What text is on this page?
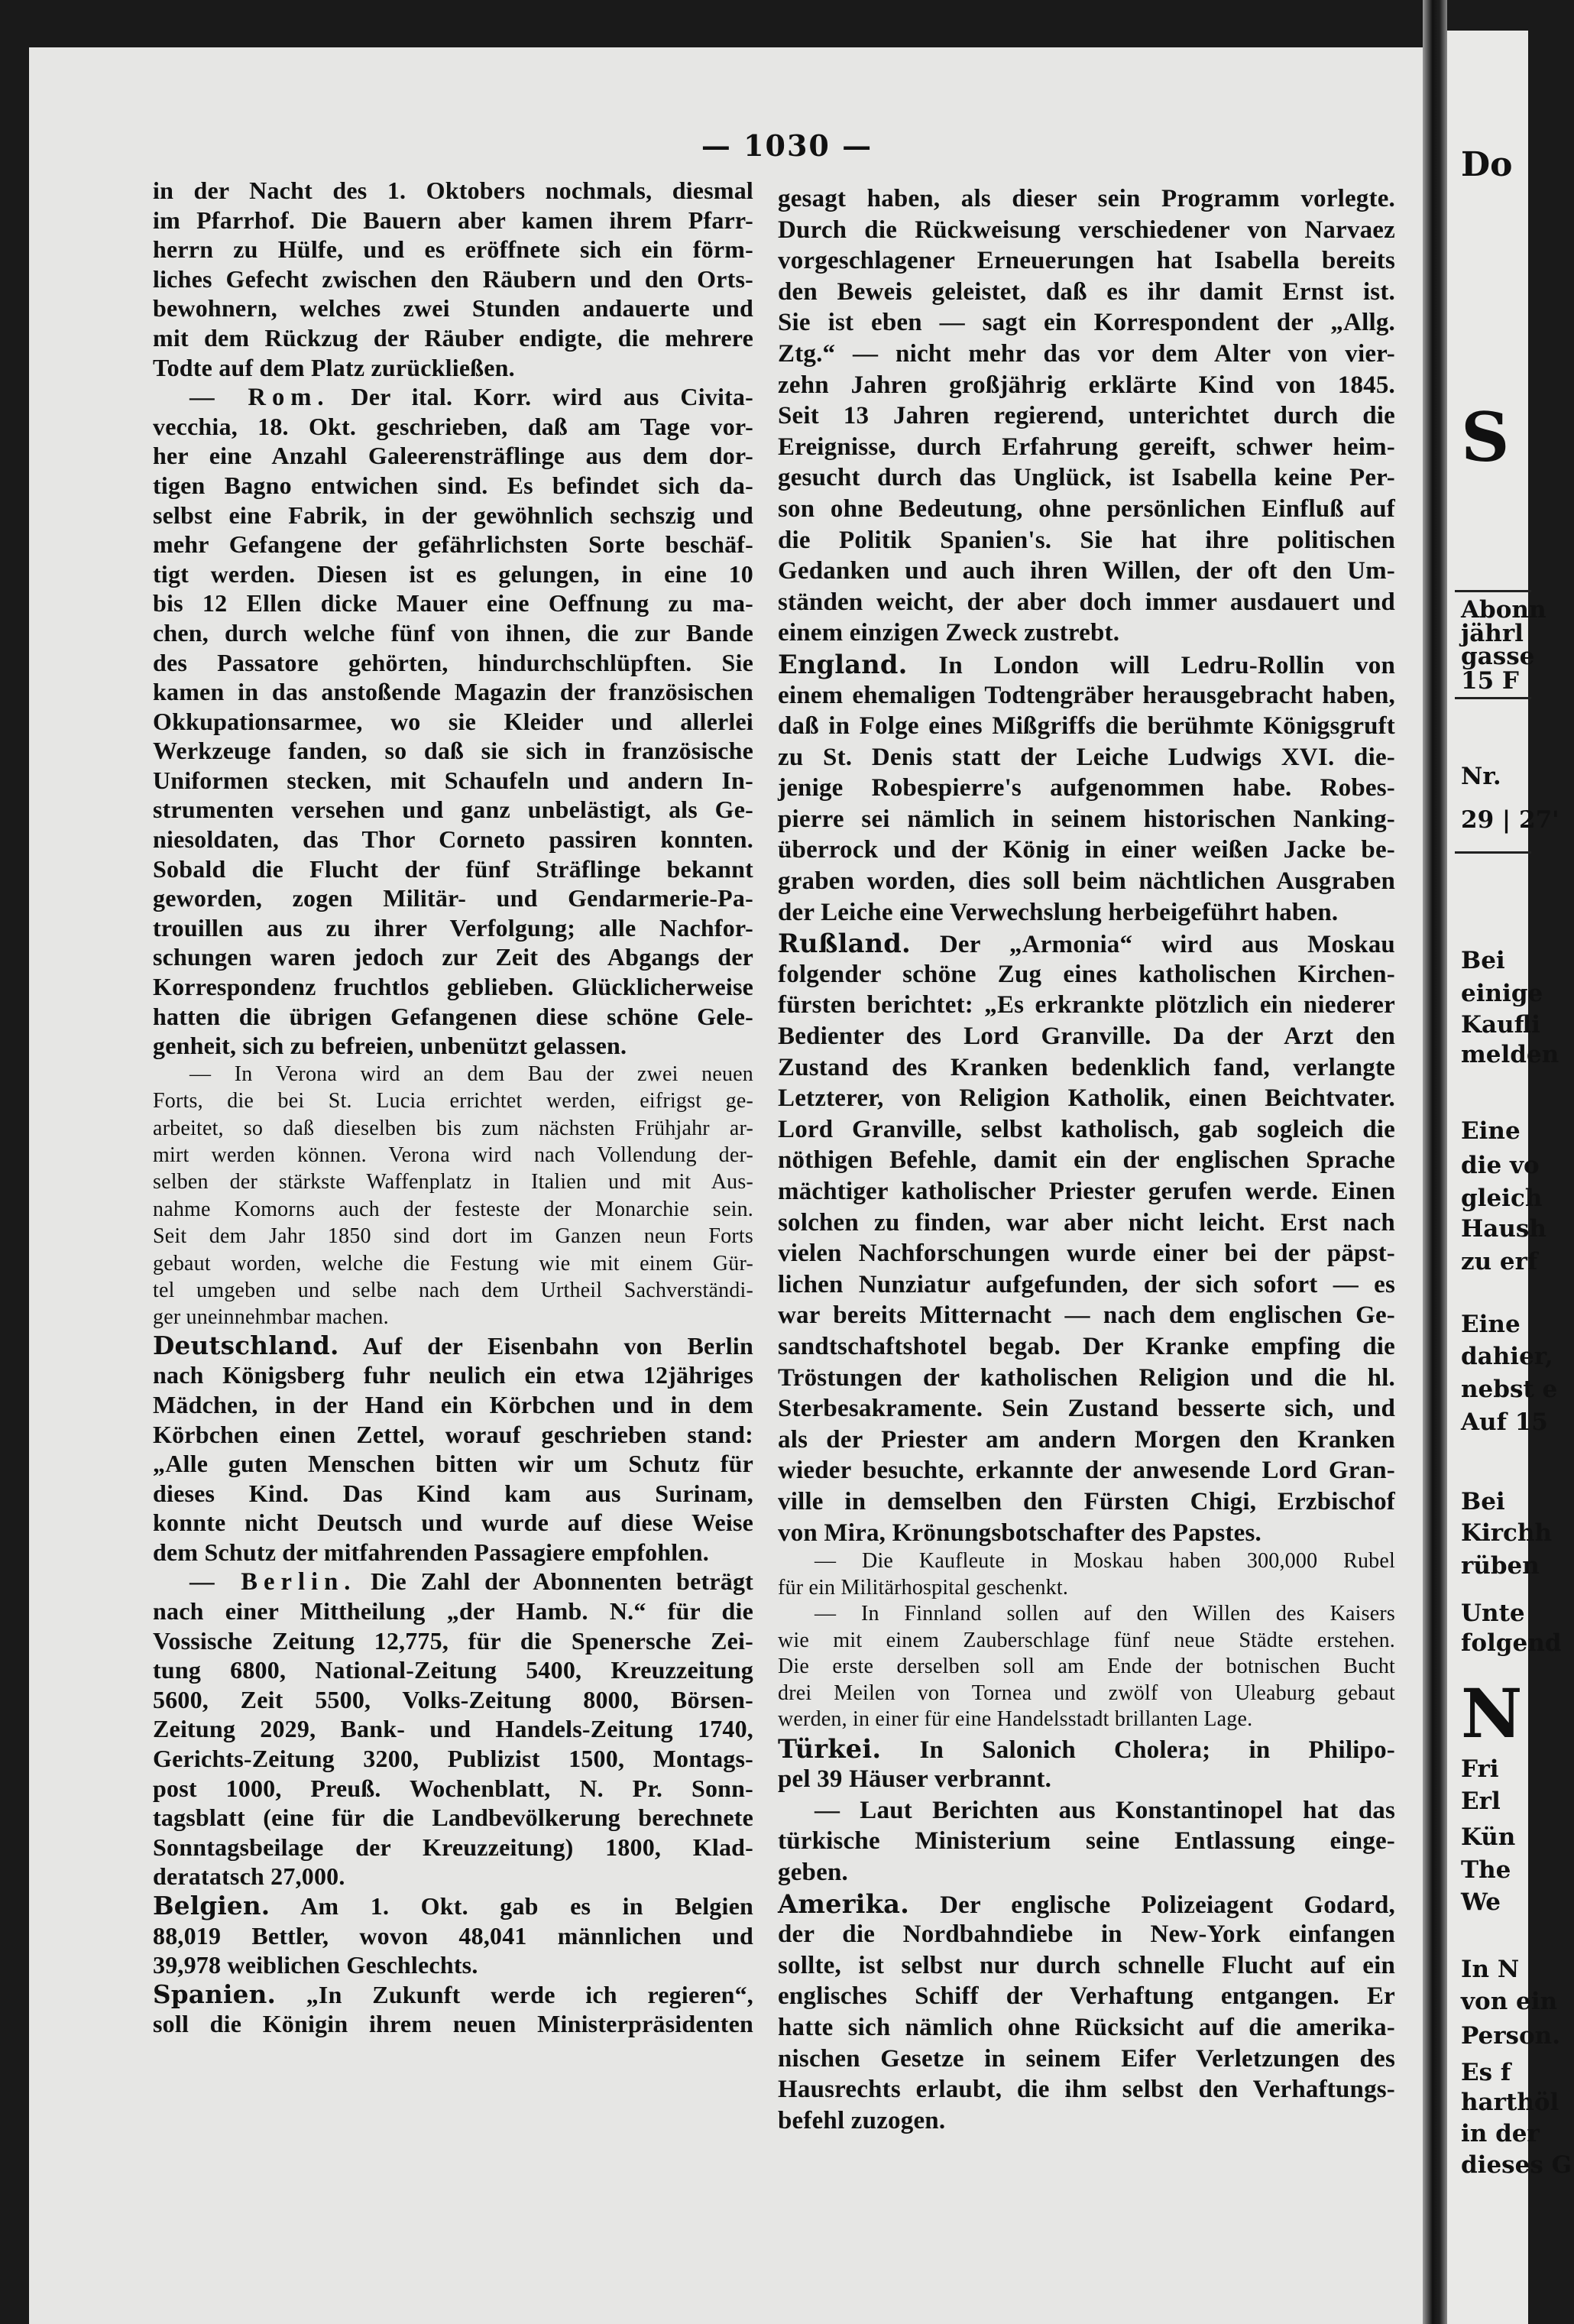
— 1030 —
in der Nacht des 1. Oktobers nochmals, diesmal
im Pfarrhof. Die Bauern aber kamen ihrem Pfarr-
herrn zu Hülfe, und es eröffnete sich ein förm-
liches Gefecht zwischen den Räubern und den Orts-
bewohnern, welches zwei Stunden andauerte und
mit dem Rückzug der Räuber endigte, die mehrere
Todte auf dem Platz zurückließen.
— Rom. Der ital. Korr. wird aus Civita-
vecchia, 18. Okt. geschrieben, daß am Tage vor-
her eine Anzahl Galeerensträflinge aus dem dor-
tigen Bagno entwichen sind. Es befindet sich da-
selbst eine Fabrik, in der gewöhnlich sechszig und
mehr Gefangene der gefährlichsten Sorte beschäf-
tigt werden. Diesen ist es gelungen, in eine 10
bis 12 Ellen dicke Mauer eine Oeffnung zu ma-
chen, durch welche fünf von ihnen, die zur Bande
des Passatore gehörten, hindurchschlüpften. Sie
kamen in das anstoßende Magazin der französischen
Okkupationsarmee, wo sie Kleider und allerlei
Werkzeuge fanden, so daß sie sich in französische
Uniformen stecken, mit Schaufeln und andern In-
strumenten versehen und ganz unbelästigt, als Ge-
niesoldaten, das Thor Corneto passiren konnten.
Sobald die Flucht der fünf Sträflinge bekannt
geworden, zogen Militär- und Gendarmerie-Pa-
trouillen aus zu ihrer Verfolgung; alle Nachfor-
schungen waren jedoch zur Zeit des Abgangs der
Korrespondenz fruchtlos geblieben. Glücklicherweise
hatten die übrigen Gefangenen diese schöne Gele-
genheit, sich zu befreien, unbenützt gelassen.
— In Verona wird an dem Bau der zwei neuen
Forts, die bei St. Lucia errichtet werden, eifrigst ge-
arbeitet, so daß dieselben bis zum nächsten Frühjahr ar-
mirt werden können. Verona wird nach Vollendung der-
selben der stärkste Waffenplatz in Italien und mit Aus-
nahme Komorns auch der festeste der Monarchie sein.
Seit dem Jahr 1850 sind dort im Ganzen neun Forts
gebaut worden, welche die Festung wie mit einem Gür-
tel umgeben und selbe nach dem Urtheil Sachverständi-
ger uneinnehmbar machen.
Deutschland. Auf der Eisenbahn von Berlin
nach Königsberg fuhr neulich ein etwa 12jähriges
Mädchen, in der Hand ein Körbchen und in dem
Körbchen einen Zettel, worauf geschrieben stand:
„Alle guten Menschen bitten wir um Schutz für
dieses Kind. Das Kind kam aus Surinam,
konnte nicht Deutsch und wurde auf diese Weise
dem Schutz der mitfahrenden Passagiere empfohlen.
— Berlin. Die Zahl der Abonnenten beträgt
nach einer Mittheilung „der Hamb. N.“ für die
Vossische Zeitung 12,775, für die Spenersche Zei-
tung 6800, National-Zeitung 5400, Kreuzzeitung
5600, Zeit 5500, Volks-Zeitung 8000, Börsen-
Zeitung 2029, Bank- und Handels-Zeitung 1740,
Gerichts-Zeitung 3200, Publizist 1500, Montags-
post 1000, Preuß. Wochenblatt, N. Pr. Sonn-
tagsblatt (eine für die Landbevölkerung berechnete
Sonntagsbeilage der Kreuzzeitung) 1800, Klad-
deratatsch 27,000.
Belgien. Am 1. Okt. gab es in Belgien
88,019 Bettler, wovon 48,041 männlichen und
39,978 weiblichen Geschlechts.
Spanien. „In Zukunft werde ich regieren“,
soll die Königin ihrem neuen Ministerpräsidenten
gesagt haben, als dieser sein Programm vorlegte.
Durch die Rückweisung verschiedener von Narvaez
vorgeschlagener Erneuerungen hat Isabella bereits
den Beweis geleistet, daß es ihr damit Ernst ist.
Sie ist eben — sagt ein Korrespondent der „Allg.
Ztg.“ — nicht mehr das vor dem Alter von vier-
zehn Jahren großjährig erklärte Kind von 1845.
Seit 13 Jahren regierend, unterichtet durch die
Ereignisse, durch Erfahrung gereift, schwer heim-
gesucht durch das Unglück, ist Isabella keine Per-
son ohne Bedeutung, ohne persönlichen Einfluß auf
die Politik Spanien's. Sie hat ihre politischen
Gedanken und auch ihren Willen, der oft den Um-
ständen weicht, der aber doch immer ausdauert und
einem einzigen Zweck zustrebt.
England. In London will Ledru-Rollin von
einem ehemaligen Todtengräber herausgebracht haben,
daß in Folge eines Mißgriffs die berühmte Königsgruft
zu St. Denis statt der Leiche Ludwigs XVI. die-
jenige Robespierre's aufgenommen habe. Robes-
pierre sei nämlich in seinem historischen Nanking-
überrock und der König in einer weißen Jacke be-
graben worden, dies soll beim nächtlichen Ausgraben
der Leiche eine Verwechslung herbeigeführt haben.
Rußland. Der „Armonia“ wird aus Moskau
folgender schöne Zug eines katholischen Kirchen-
fürsten berichtet: „Es erkrankte plötzlich ein niederer
Bedienter des Lord Granville. Da der Arzt den
Zustand des Kranken bedenklich fand, verlangte
Letzterer, von Religion Katholik, einen Beichtvater.
Lord Granville, selbst katholisch, gab sogleich die
nöthigen Befehle, damit ein der englischen Sprache
mächtiger katholischer Priester gerufen werde. Einen
solchen zu finden, war aber nicht leicht. Erst nach
vielen Nachforschungen wurde einer bei der päpst-
lichen Nunziatur aufgefunden, der sich sofort — es
war bereits Mitternacht — nach dem englischen Ge-
sandtschaftshotel begab. Der Kranke empfing die
Tröstungen der katholischen Religion und die hl.
Sterbesakramente. Sein Zustand besserte sich, und
als der Priester am andern Morgen den Kranken
wieder besuchte, erkannte der anwesende Lord Gran-
ville in demselben den Fürsten Chigi, Erzbischof
von Mira, Krönungsbotschafter des Papstes.
— Die Kaufleute in Moskau haben 300,000 Rubel
für ein Militärhospital geschenkt.
— In Finnland sollen auf den Willen des Kaisers
wie mit einem Zauberschlage fünf neue Städte erstehen.
Die erste derselben soll am Ende der botnischen Bucht
drei Meilen von Tornea und zwölf von Uleaburg gebaut
werden, in einer für eine Handelsstadt brillanten Lage.
Türkei. In Salonich Cholera; in Philipo-
pel 39 Häuser verbrannt.
— Laut Berichten aus Konstantinopel hat das
türkische Ministerium seine Entlassung einge-
geben.
Amerika. Der englische Polizeiagent Godard,
der die Nordbahndiebe in New-York einfangen
sollte, ist selbst nur durch schnelle Flucht auf ein
englisches Schiff der Verhaftung entgangen. Er
hatte sich nämlich ohne Rücksicht auf die amerika-
nischen Gesetze in seinem Eifer Verletzungen des
Hausrechts erlaubt, die ihm selbst den Verhaftungs-
befehl zuzogen.
Do
S
Abonn
jährl
gasse
15 F
Nr.
29 | 27'
Bei
einige
Kaufli
melden
Eine
die vo
gleich
Haush
zu erf
Eine
dahier,
nebst e
Auf 15
Bei
Kirchh
rüben
Unte
folgend
N
Fri
Erl
Kün
The
We
In N
von ein
Person.
Es f
harthöl
in der
dieses G
